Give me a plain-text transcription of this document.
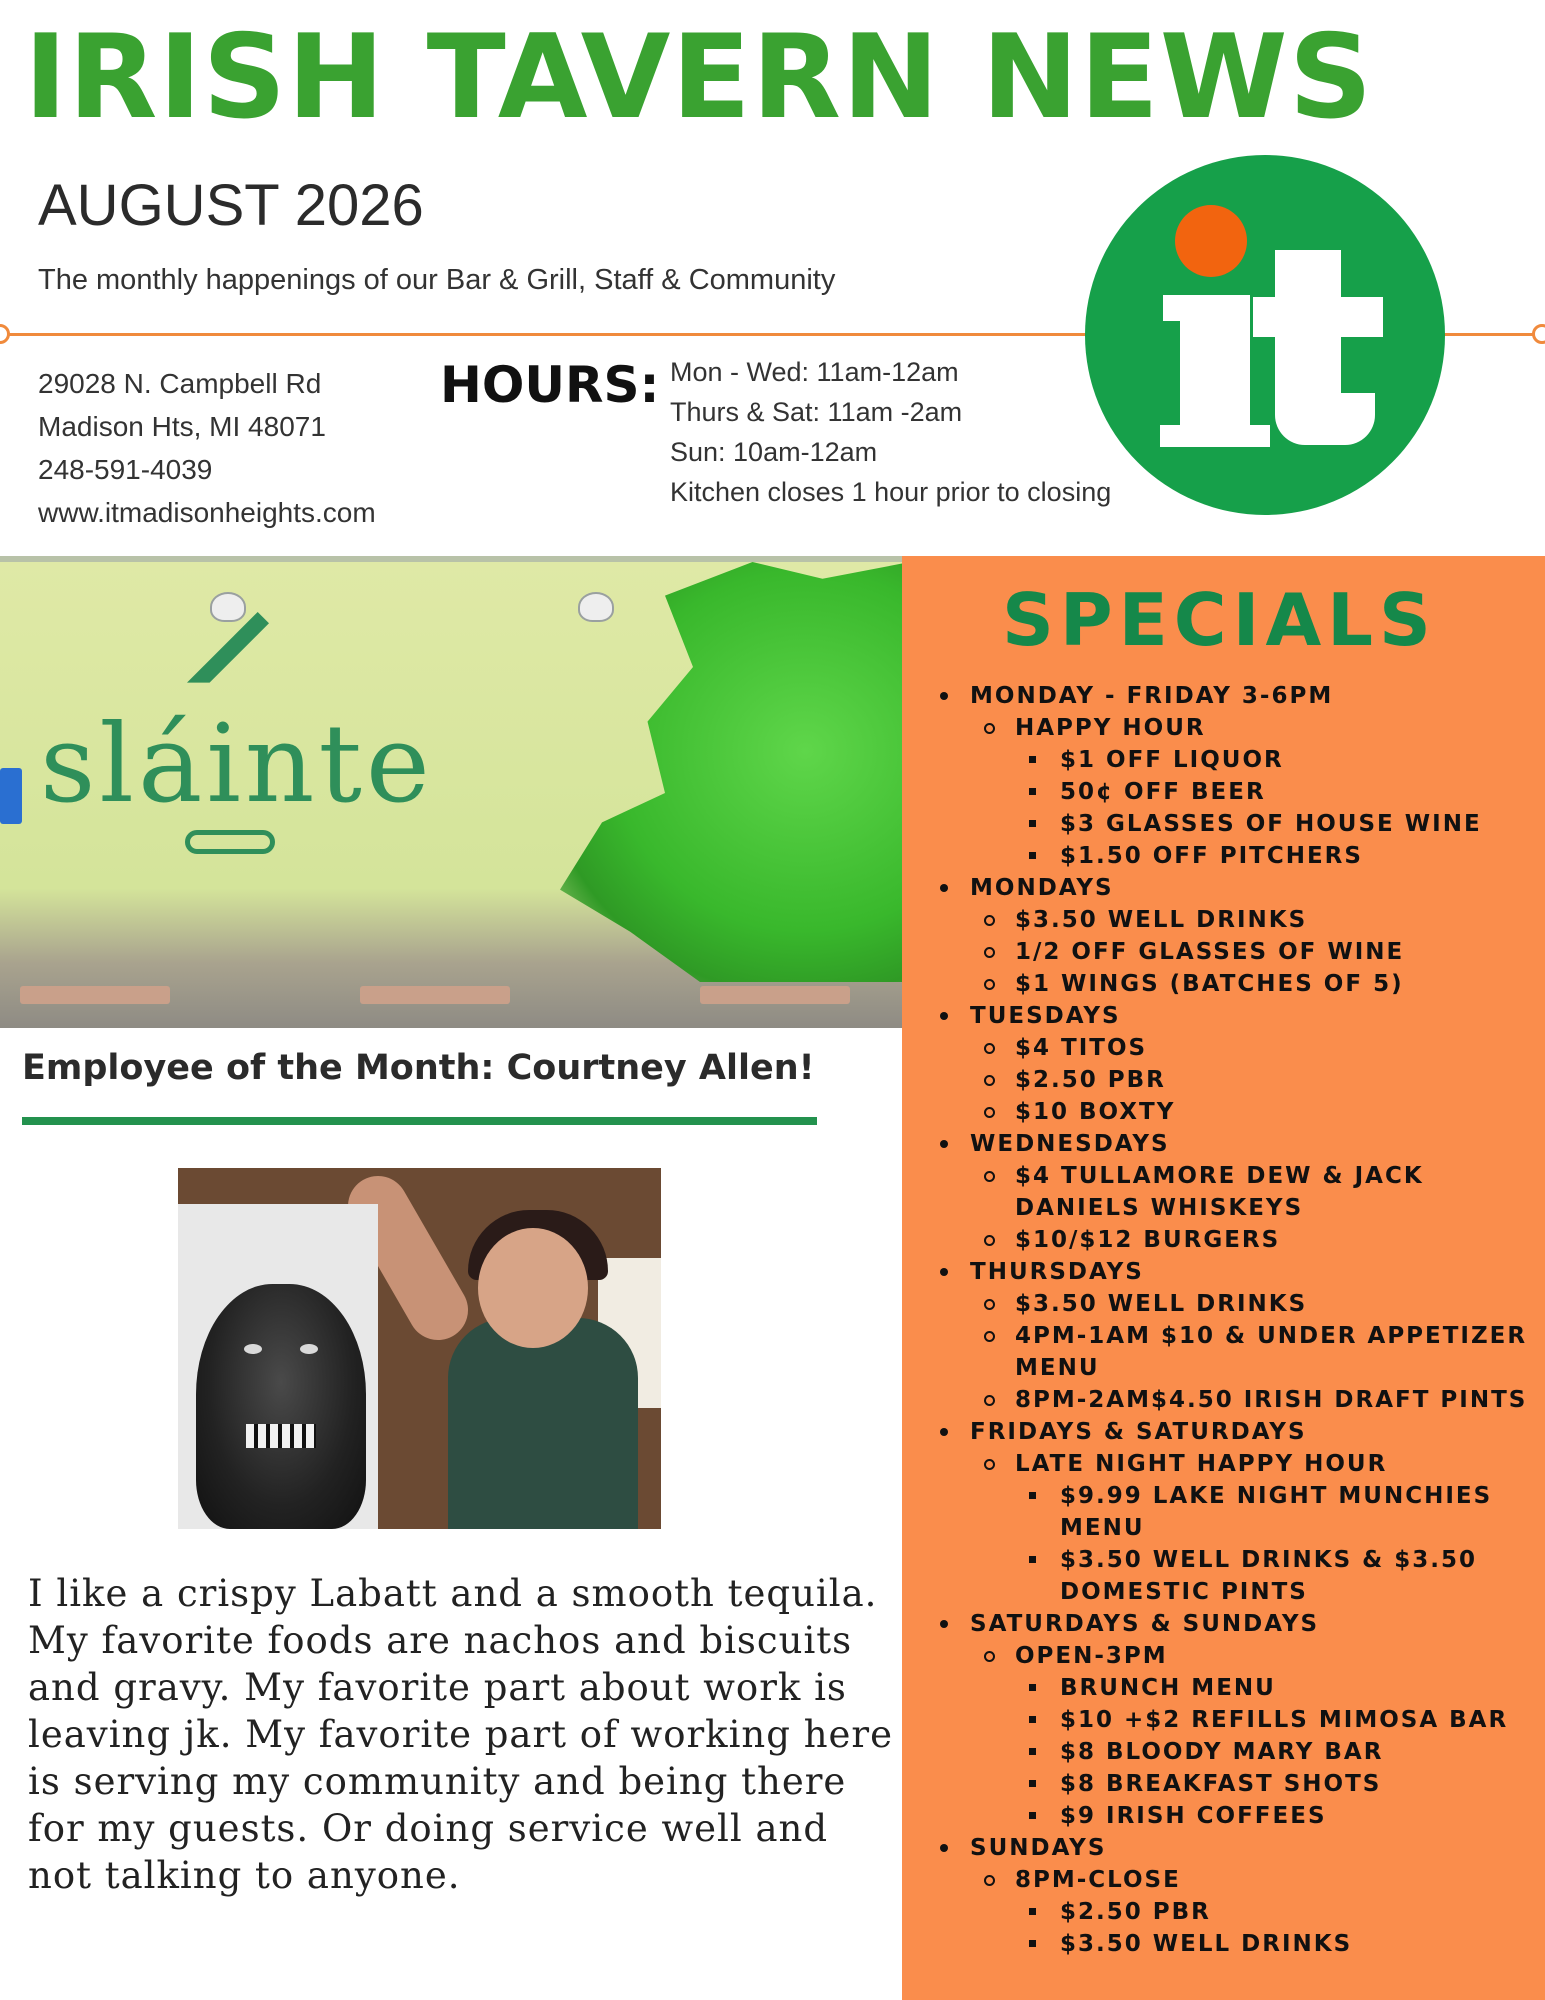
IRISH TAVERN NEWS
AUGUST 2026
The monthly happenings of our Bar & Grill, Staff & Community
29028 N. Campbell Rd
Madison Hts, MI 48071
248-591-4039
www.itmadisonheights.com
HOURS: Mon - Wed: 11am-12am
Thurs & Sat: 11am -2am
Sun: 10am-12am
Kitchen closes 1 hour prior to closing
sláinte
Employee of the Month: Courtney Allen!
I like a crispy Labatt and a smooth tequila. My favorite foods are nachos and biscuits and gravy. My favorite part about work is leaving jk. My favorite part of working here is serving my community and being there for my guests. Or doing service well and not talking to anyone.
SPECIALS
MONDAY - FRIDAY 3-6PM
HAPPY HOUR
$1 OFF LIQUOR
50¢ OFF BEER
$3 GLASSES OF HOUSE WINE
$1.50 OFF PITCHERS
MONDAYS
$3.50 WELL DRINKS
1/2 OFF GLASSES OF WINE
$1 WINGS (BATCHES OF 5)
TUESDAYS
$4 TITOS
$2.50 PBR
$10 BOXTY
WEDNESDAYS
$4 TULLAMORE DEW & JACK DANIELS WHISKEYS
$10/$12 BURGERS
THURSDAYS
$3.50 WELL DRINKS
4PM-1AM $10 & UNDER APPETIZER MENU
8PM-2AM$4.50 IRISH DRAFT PINTS
FRIDAYS & SATURDAYS
LATE NIGHT HAPPY HOUR
$9.99 LAKE NIGHT MUNCHIES MENU
$3.50 WELL DRINKS & $3.50 DOMESTIC PINTS
SATURDAYS & SUNDAYS
OPEN-3PM
BRUNCH MENU
$10 +$2 REFILLS MIMOSA BAR
$8 BLOODY MARY BAR
$8 BREAKFAST SHOTS
$9 IRISH COFFEES
SUNDAYS
8PM-CLOSE
$2.50 PBR
$3.50 WELL DRINKS
